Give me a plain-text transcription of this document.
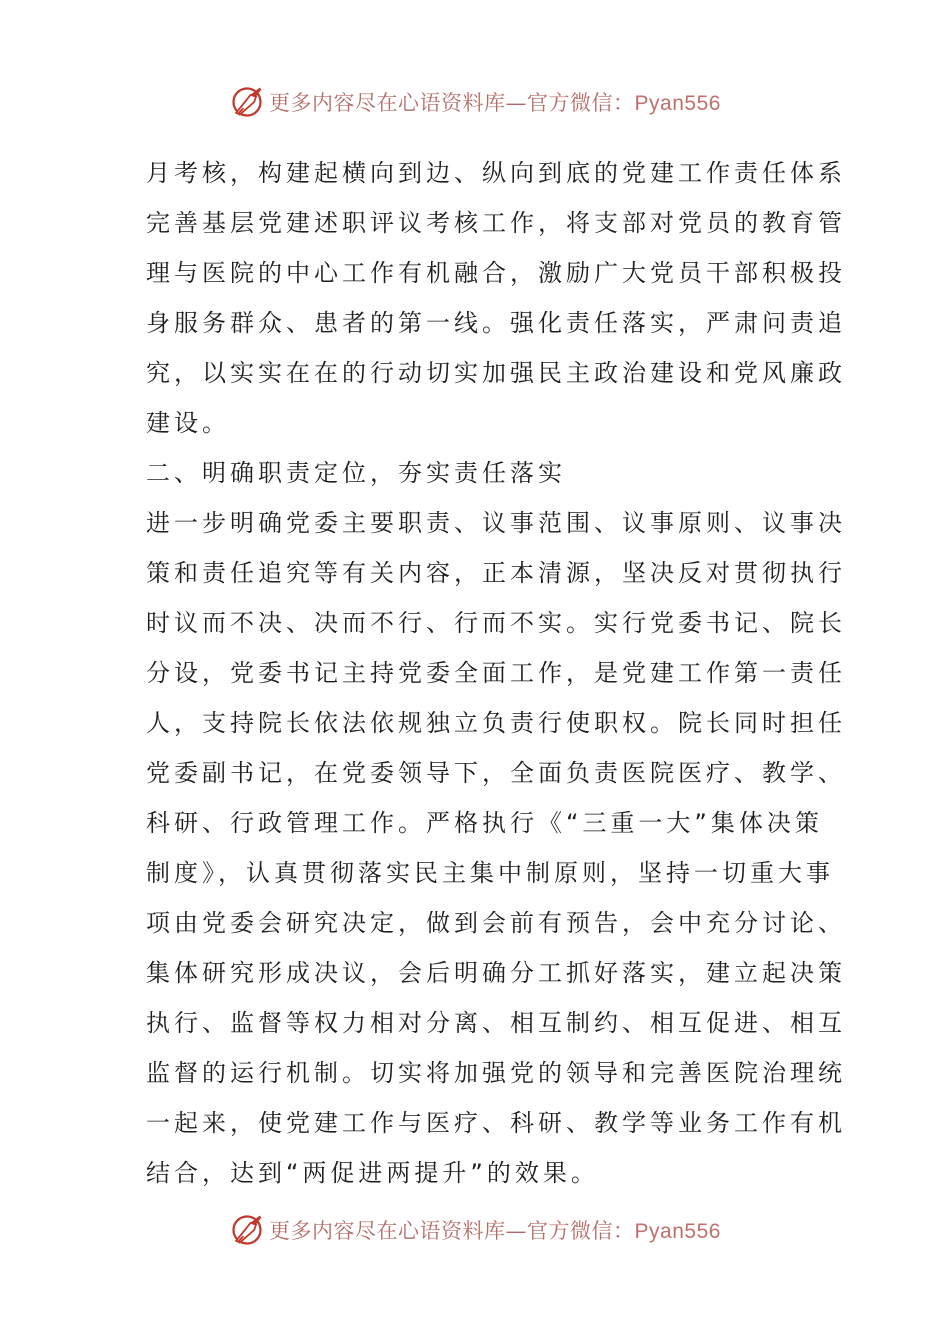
更多内容尽在心语资料库—官方微信：Pyan556
月考核，构建起横向到边、纵向到底的党建工作责任体系
完善基层党建述职评议考核工作，将支部对党员的教育管
理与医院的中心工作有机融合，激励广大党员干部积极投
身服务群众、患者的第一线。强化责任落实，严肃问责追
究，以实实在在的行动切实加强民主政治建设和党风廉政
建设。
二、明确职责定位，夯实责任落实
进一步明确党委主要职责、议事范围、议事原则、议事决
策和责任追究等有关内容，正本清源，坚决反对贯彻执行
时议而不决、决而不行、行而不实。实行党委书记、院长
分设，党委书记主持党委全面工作，是党建工作第一责任
人，支持院长依法依规独立负责行使职权。院长同时担任
党委副书记，在党委领导下，全面负责医院医疗、教学、
科研、行政管理工作。严格执行《“三重一大”集体决策
制度》，认真贯彻落实民主集中制原则，坚持一切重大事
项由党委会研究决定，做到会前有预告，会中充分讨论、
集体研究形成决议，会后明确分工抓好落实，建立起决策
执行、监督等权力相对分离、相互制约、相互促进、相互
监督的运行机制。切实将加强党的领导和完善医院治理统
一起来，使党建工作与医疗、科研、教学等业务工作有机
结合，达到“两促进两提升”的效果。
更多内容尽在心语资料库—官方微信：Pyan556
